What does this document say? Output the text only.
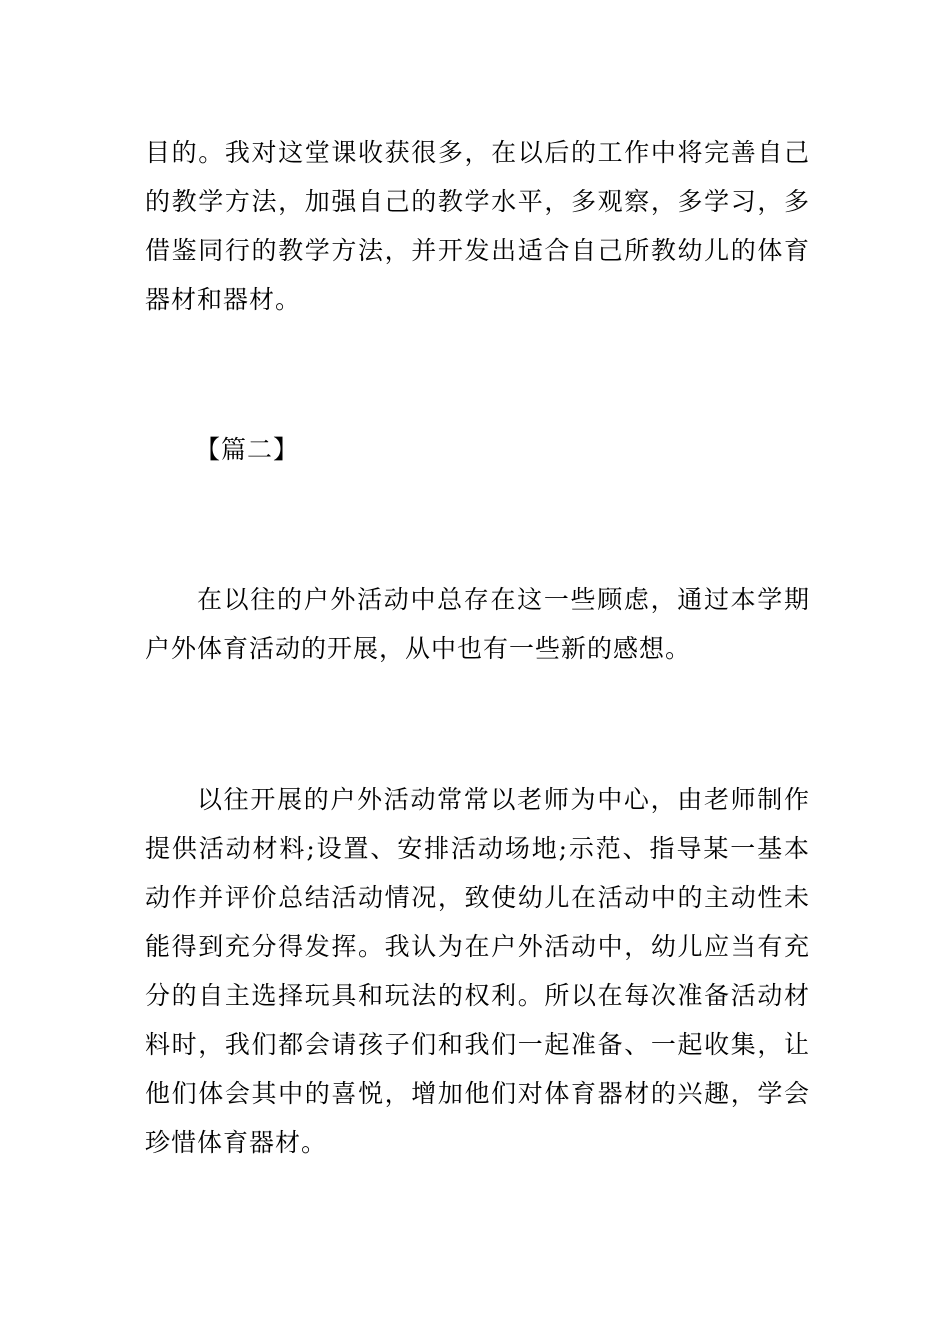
目的。我对这堂课收获很多，在以后的工作中将完善自己的教学方法，加强自己的教学水平，多观察，多学习，多借鉴同行的教学方法，并开发出适合自己所教幼儿的体育器材和器材。

【篇二】

在以往的户外活动中总存在这一些顾虑，通过本学期户外体育活动的开展，从中也有一些新的感想。

以往开展的户外活动常常以老师为中心，由老师制作提供活动材料;设置、安排活动场地;示范、指导某一基本动作并评价总结活动情况，致使幼儿在活动中的主动性未能得到充分得发挥。我认为在户外活动中，幼儿应当有充分的自主选择玩具和玩法的权利。所以在每次准备活动材料时，我们都会请孩子们和我们一起准备、一起收集，让他们体会其中的喜悦，增加他们对体育器材的兴趣，学会珍惜体育器材。
